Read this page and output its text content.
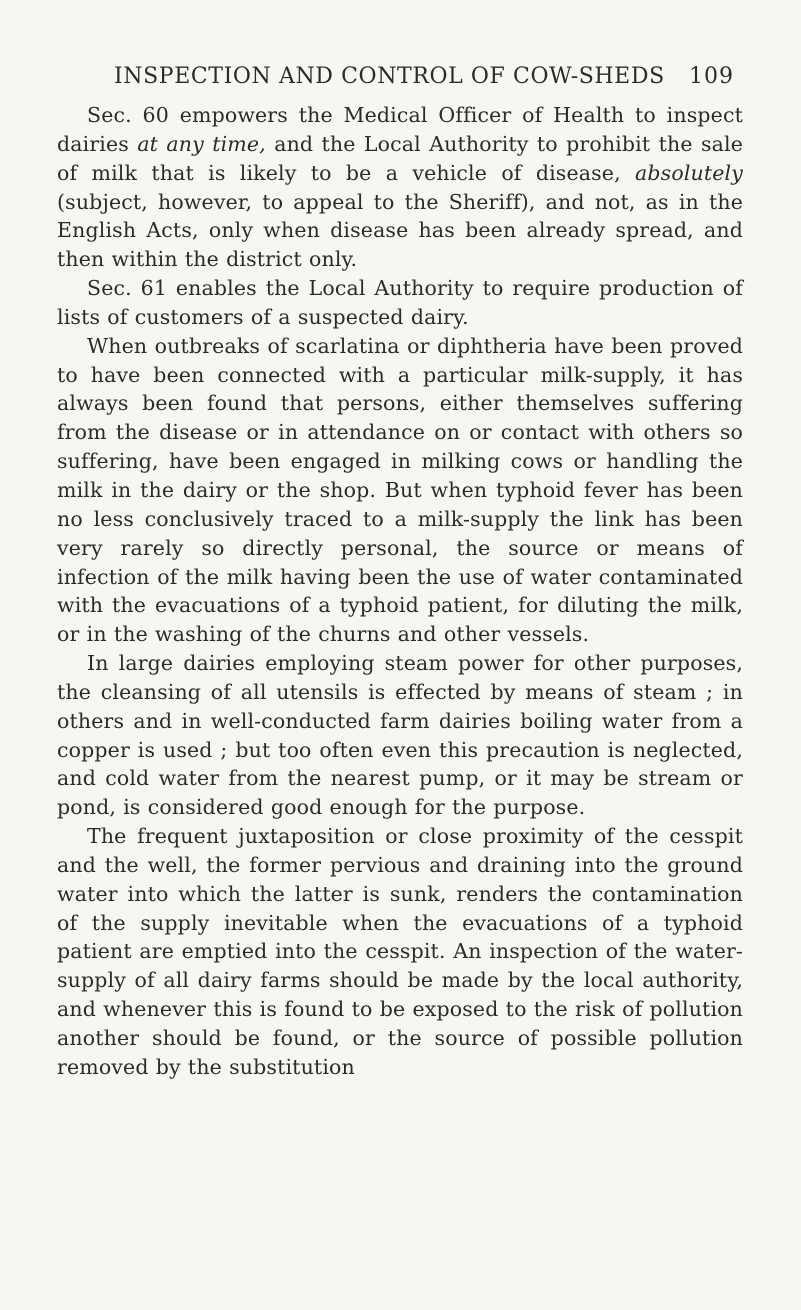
INSPECTION AND CONTROL OF COW-SHEDS 109

Sec. 60 empowers the Medical Officer of Health to inspect dairies at any time, and the Local Authority to prohibit the sale of milk that is likely to be a vehicle of disease, absolutely (subject, however, to appeal to the Sheriff), and not, as in the English Acts, only when disease has been already spread, and then within the district only.

Sec. 61 enables the Local Authority to require production of lists of customers of a suspected dairy.

When outbreaks of scarlatina or diphtheria have been proved to have been connected with a particular milk-supply, it has always been found that persons, either themselves suffering from the disease or in attendance on or contact with others so suffering, have been engaged in milking cows or handling the milk in the dairy or the shop. But when typhoid fever has been no less conclusively traced to a milk-supply the link has been very rarely so directly personal, the source or means of infection of the milk having been the use of water contaminated with the evacuations of a typhoid patient, for diluting the milk, or in the washing of the churns and other vessels.

In large dairies employing steam power for other purposes, the cleansing of all utensils is effected by means of steam ; in others and in well-conducted farm dairies boiling water from a copper is used ; but too often even this precaution is neglected, and cold water from the nearest pump, or it may be stream or pond, is considered good enough for the purpose.

The frequent juxtaposition or close proximity of the cesspit and the well, the former pervious and draining into the ground water into which the latter is sunk, renders the contamination of the supply inevitable when the evacuations of a typhoid patient are emptied into the cesspit. An inspection of the water-supply of all dairy farms should be made by the local authority, and whenever this is found to be exposed to the risk of pollution another should be found, or the source of possible pollution removed by the substitution
